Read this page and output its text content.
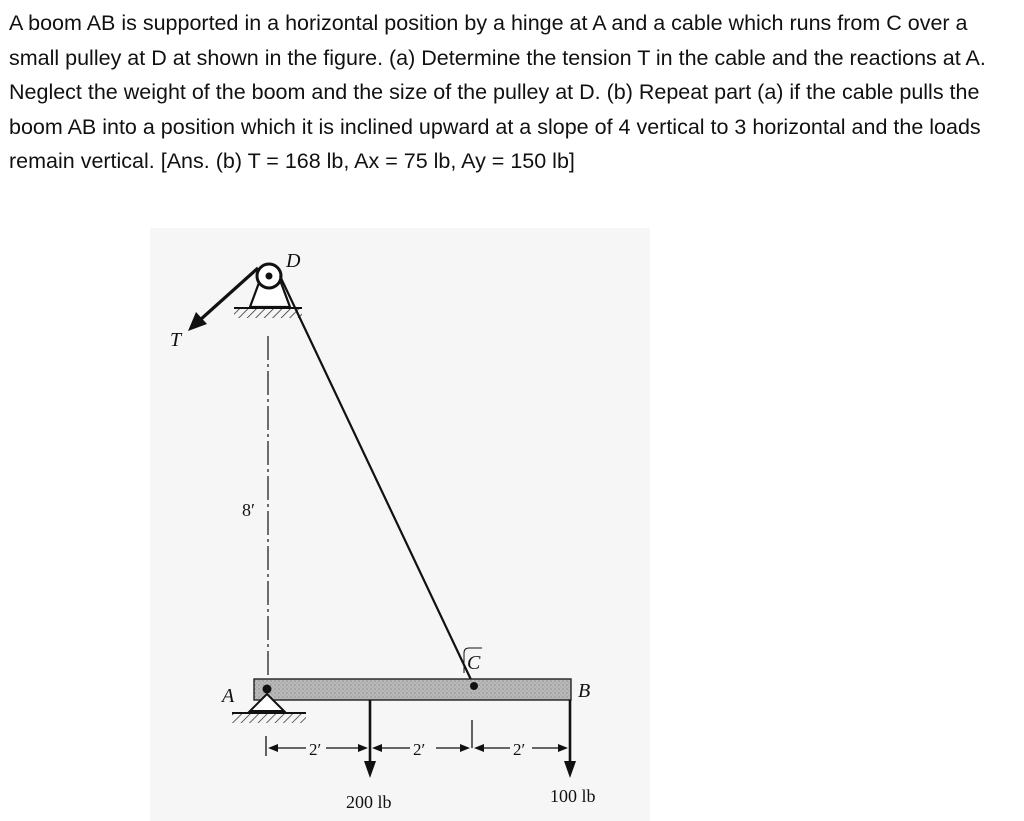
A boom AB is supported in a horizontal position by a hinge at A and a cable which runs from C over a small pulley at D at shown in the figure. (a) Determine the tension T in the cable and the reactions at A. Neglect the weight of the boom and the size of the pulley at D. (b) Repeat part (a) if the cable pulls the boom AB into a position which it is inclined upward at a slope of 4 vertical to 3 horizontal and the loads remain vertical. [Ans. (b) T = 168 lb, Ax = 75 lb, Ay = 150 lb]

D
T
8′
A	B
C
200 lb	100 lb
2′	2′	2′
